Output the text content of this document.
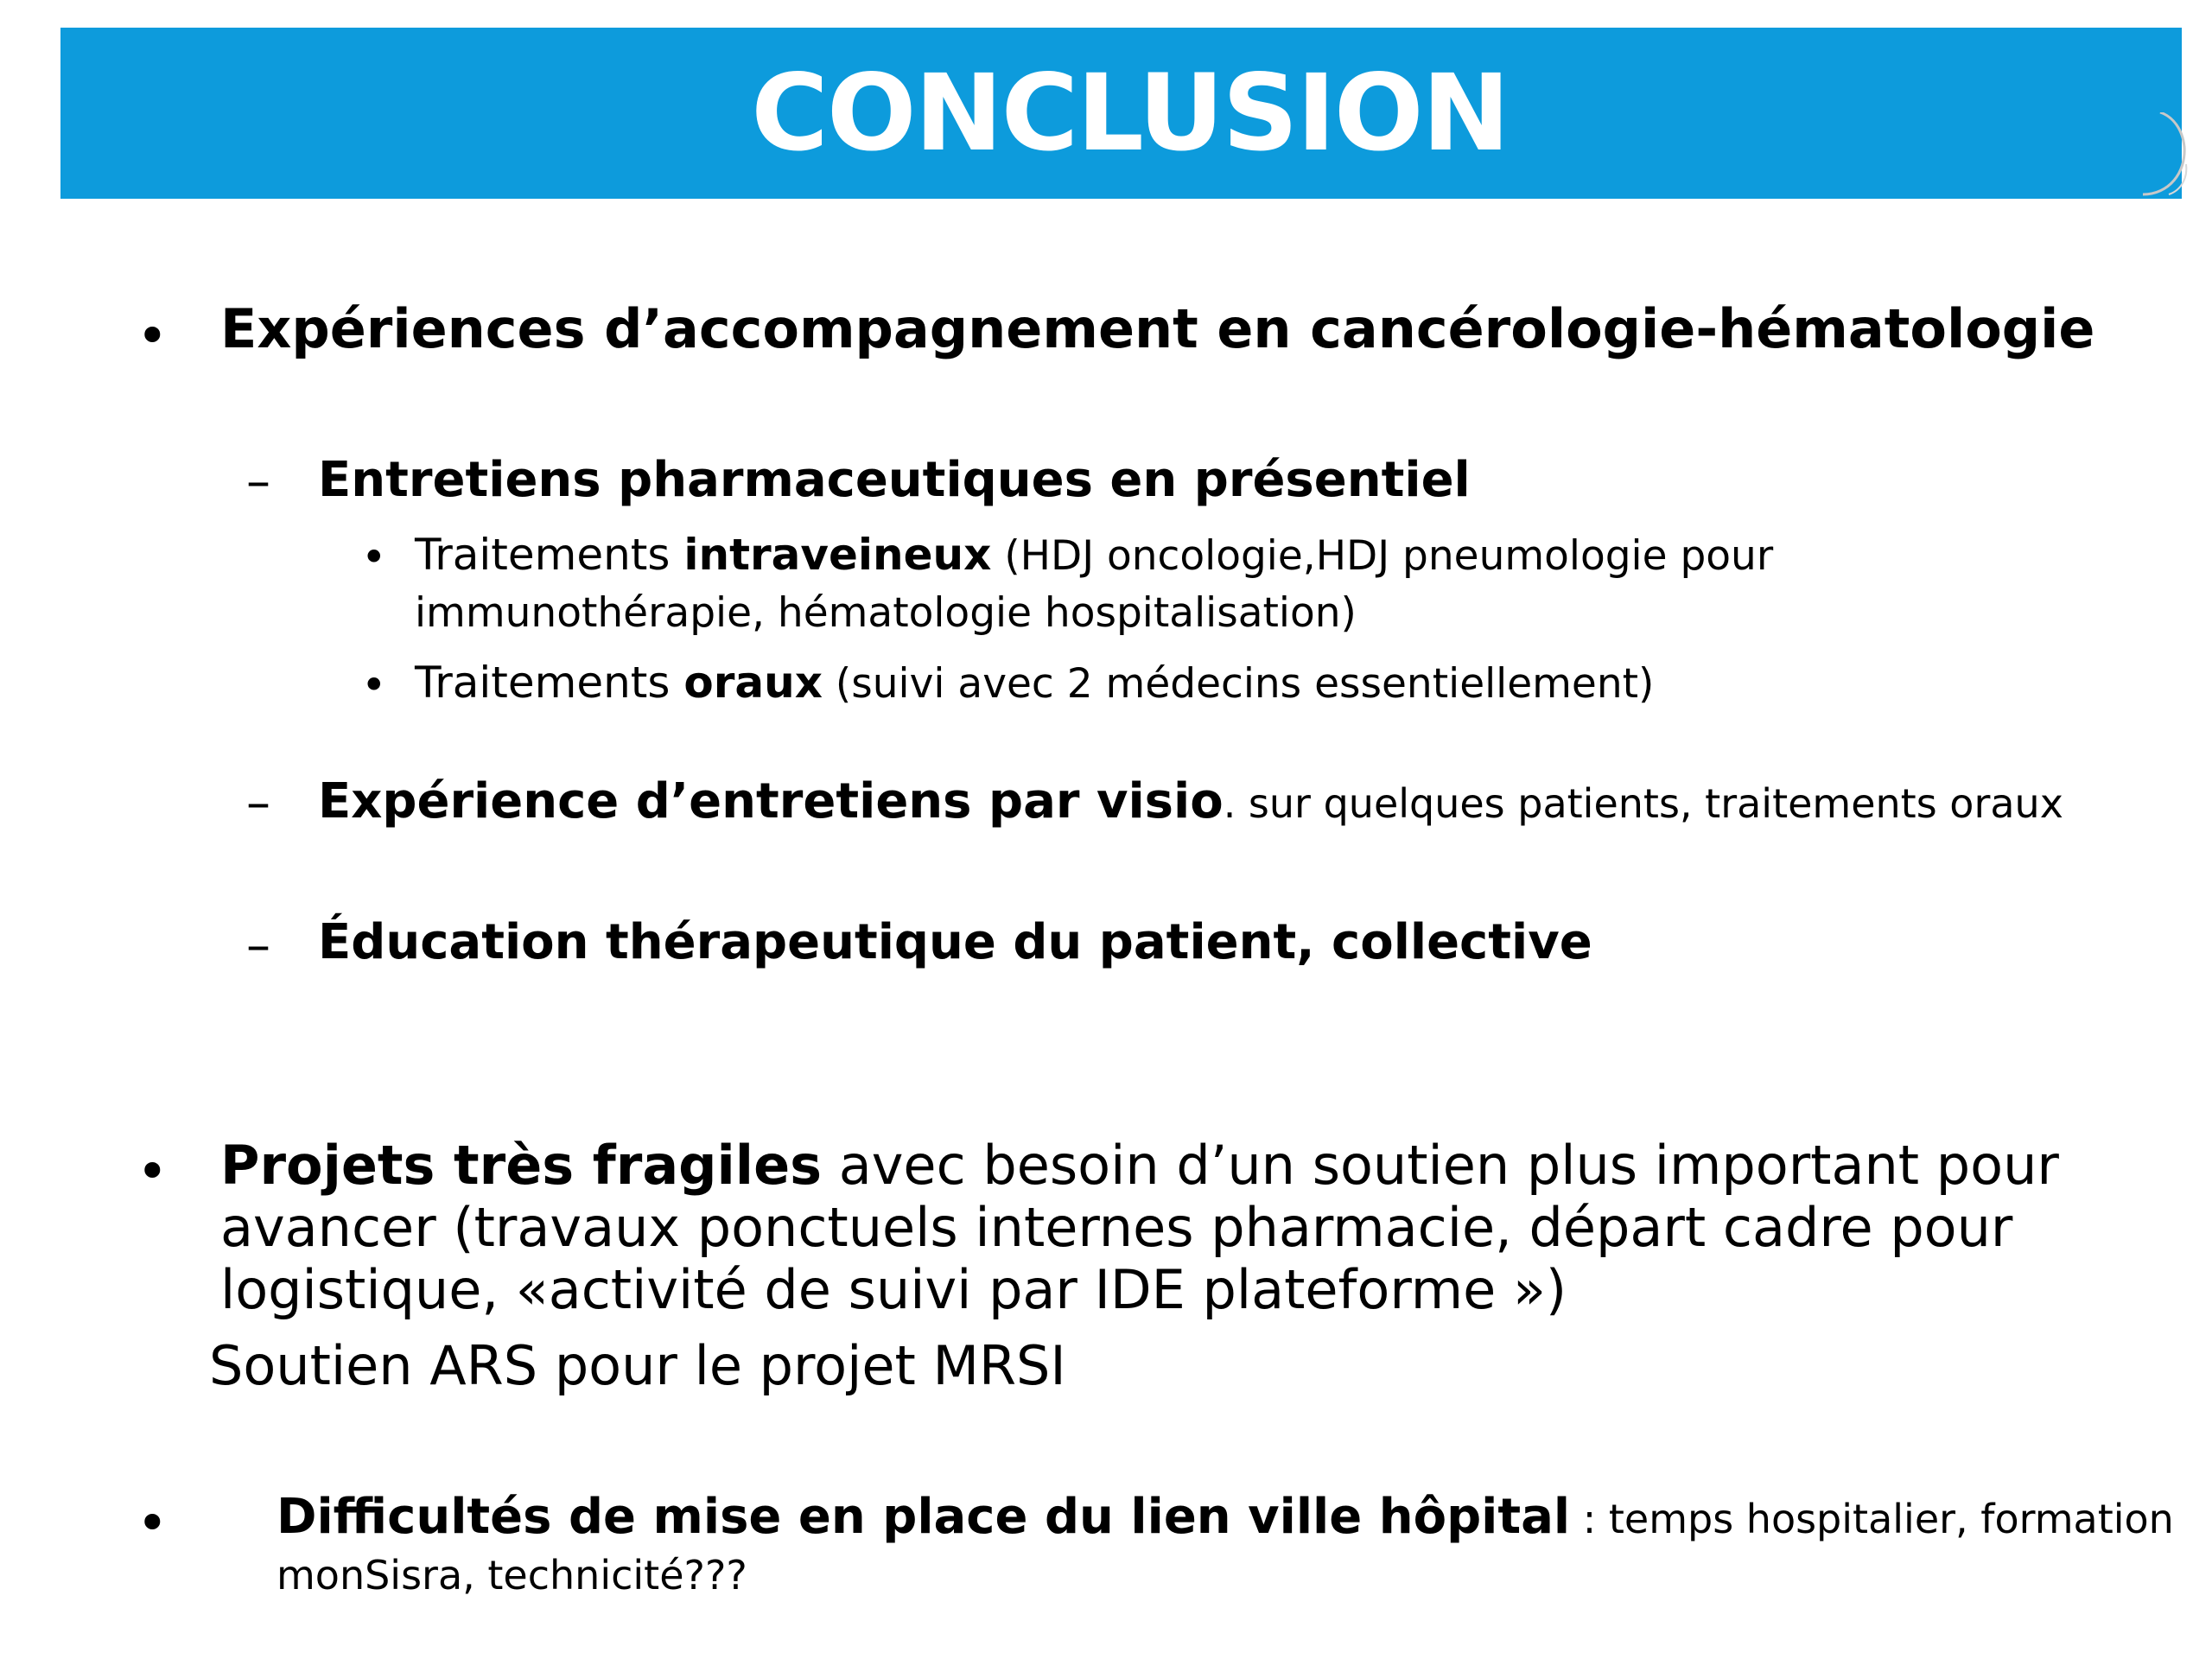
CONCLUSION
• Expériences d’accompagnement en cancérologie-hématologie
– Entretiens pharmaceutiques en présentiel
• Traitements intraveineux (HDJ oncologie,HDJ pneumologie pour
immunothérapie, hématologie hospitalisation)
• Traitements oraux (suivi avec 2 médecins essentiellement)
– Expérience d’entretiens par visio. sur quelques patients, traitements oraux
– Éducation thérapeutique du patient, collective
• Projets très fragiles avec besoin d’un soutien plus important pour
avancer (travaux ponctuels internes pharmacie, départ cadre pour
logistique, «activité de suivi par IDE plateforme »)
Soutien ARS pour le projet MRSI
• Difficultés de mise en place du lien ville hôpital : temps hospitalier, formation
monSisra, technicité???
